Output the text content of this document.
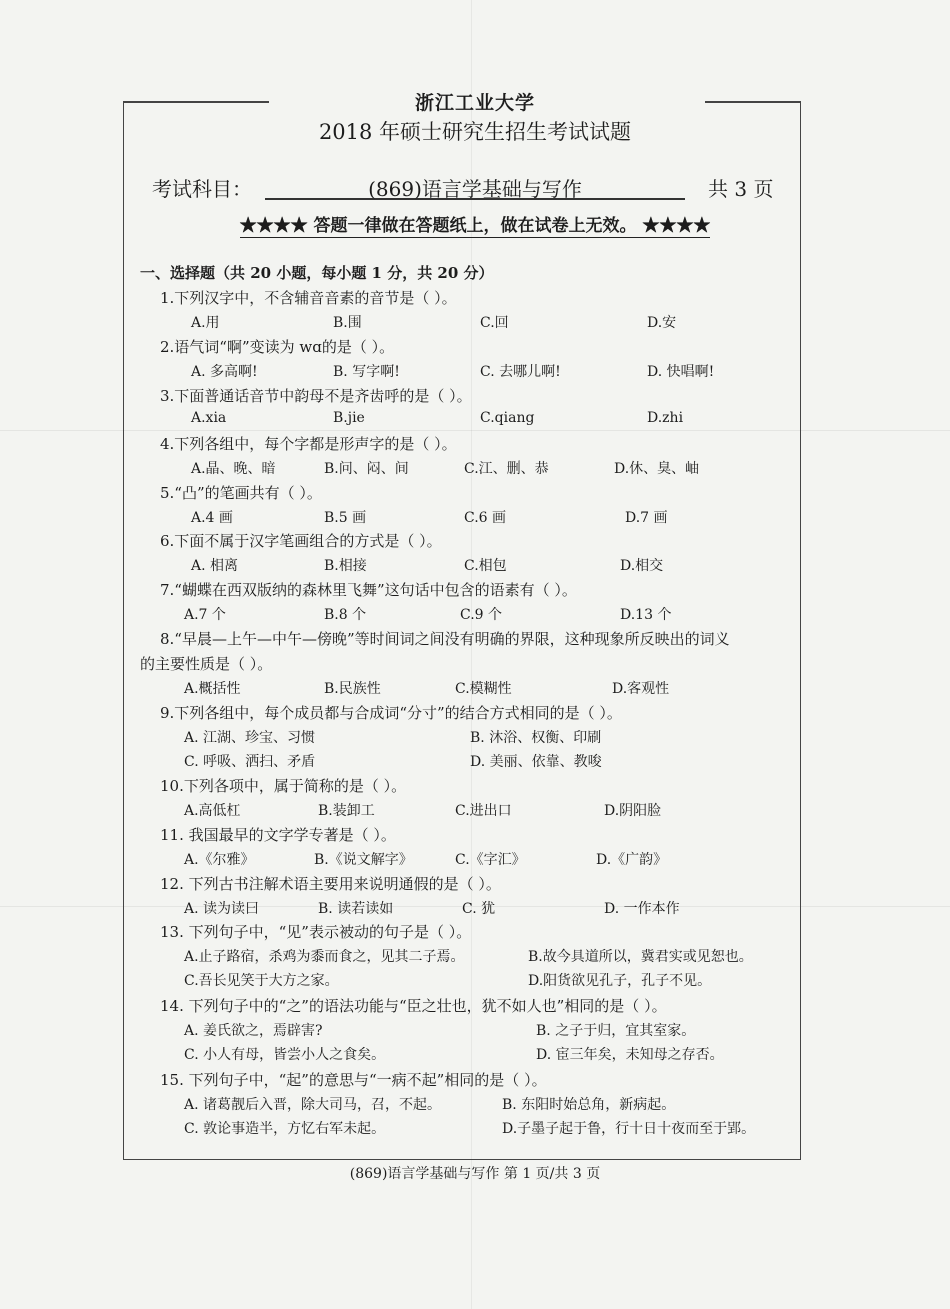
浙江工业大学
2018 年硕士研究生招生考试试题
考试科目：	(869)语言学基础与写作	共 3 页
★★★★ 答题一律做在答题纸上，做在试卷上无效。 ★★★★
一、选择题（共 20 小题，每小题 1 分，共 20 分）
1.下列汉字中，不含辅音音素的音节是（ ）。
A.用	B.围	C.回	D.安
2.语气词“啊”变读为 wɑ的是（ ）。
A. 多高啊!	B. 写字啊!	C. 去哪儿啊!	D. 快唱啊!
3.下面普通话音节中韵母不是齐齿呼的是（ ）。
A.xia	B.jie	C.qiang	D.zhi
4.下列各组中，每个字都是形声字的是（ ）。
A.晶、晚、暗	B.问、闷、间	C.江、删、恭	D.休、臭、岫
5.“凸”的笔画共有（ ）。
A.4 画	B.5 画	C.6 画	D.7 画
6.下面不属于汉字笔画组合的方式是（ ）。
A. 相离	B.相接	C.相包	D.相交
7.“蝴蝶在西双版纳的森林里飞舞”这句话中包含的语素有（ ）。
A.7 个	B.8 个	C.9 个	D.13 个
8.“早晨—上午—中午—傍晚”等时间词之间没有明确的界限，这种现象所反映出的词义
的主要性质是（ ）。
A.概括性	B.民族性	C.模糊性	D.客观性
9.下列各组中，每个成员都与合成词“分寸”的结合方式相同的是（ ）。
A. 江湖、珍宝、习惯	B. 沐浴、权衡、印刷
C. 呼吸、洒扫、矛盾	D. 美丽、依靠、教唆
10.下列各项中，属于简称的是（ ）。
A.高低杠	B.装卸工	C.进出口	D.阴阳脸
11. 我国最早的文字学专著是（ ）。
A.《尔雅》	B.《说文解字》	C.《字汇》	D.《广韵》
12. 下列古书注解术语主要用来说明通假的是（ ）。
A. 读为读曰	B. 读若读如	C. 犹	D. 一作本作
13. 下列句子中，“见”表示被动的句子是（ ）。
A.止子路宿，杀鸡为黍而食之，见其二子焉。	B.故今具道所以，冀君实或见恕也。
C.吾长见笑于大方之家。	D.阳货欲见孔子，孔子不见。
14. 下列句子中的“之”的语法功能与“臣之壮也，犹不如人也”相同的是（ ）。
A. 姜氏欲之，焉辟害?	B. 之子于归，宜其室家。
C. 小人有母，皆尝小人之食矣。	D. 宦三年矣，未知母之存否。
15. 下列句子中，“起”的意思与“一病不起”相同的是（ ）。
A. 诸葛靓后入晋，除大司马，召，不起。	B. 东阳时始总角，新病起。
C. 敦论事造半，方忆右军未起。	D.子墨子起于鲁，行十日十夜而至于郢。
(869)语言学基础与写作 第 1 页/共 3 页
